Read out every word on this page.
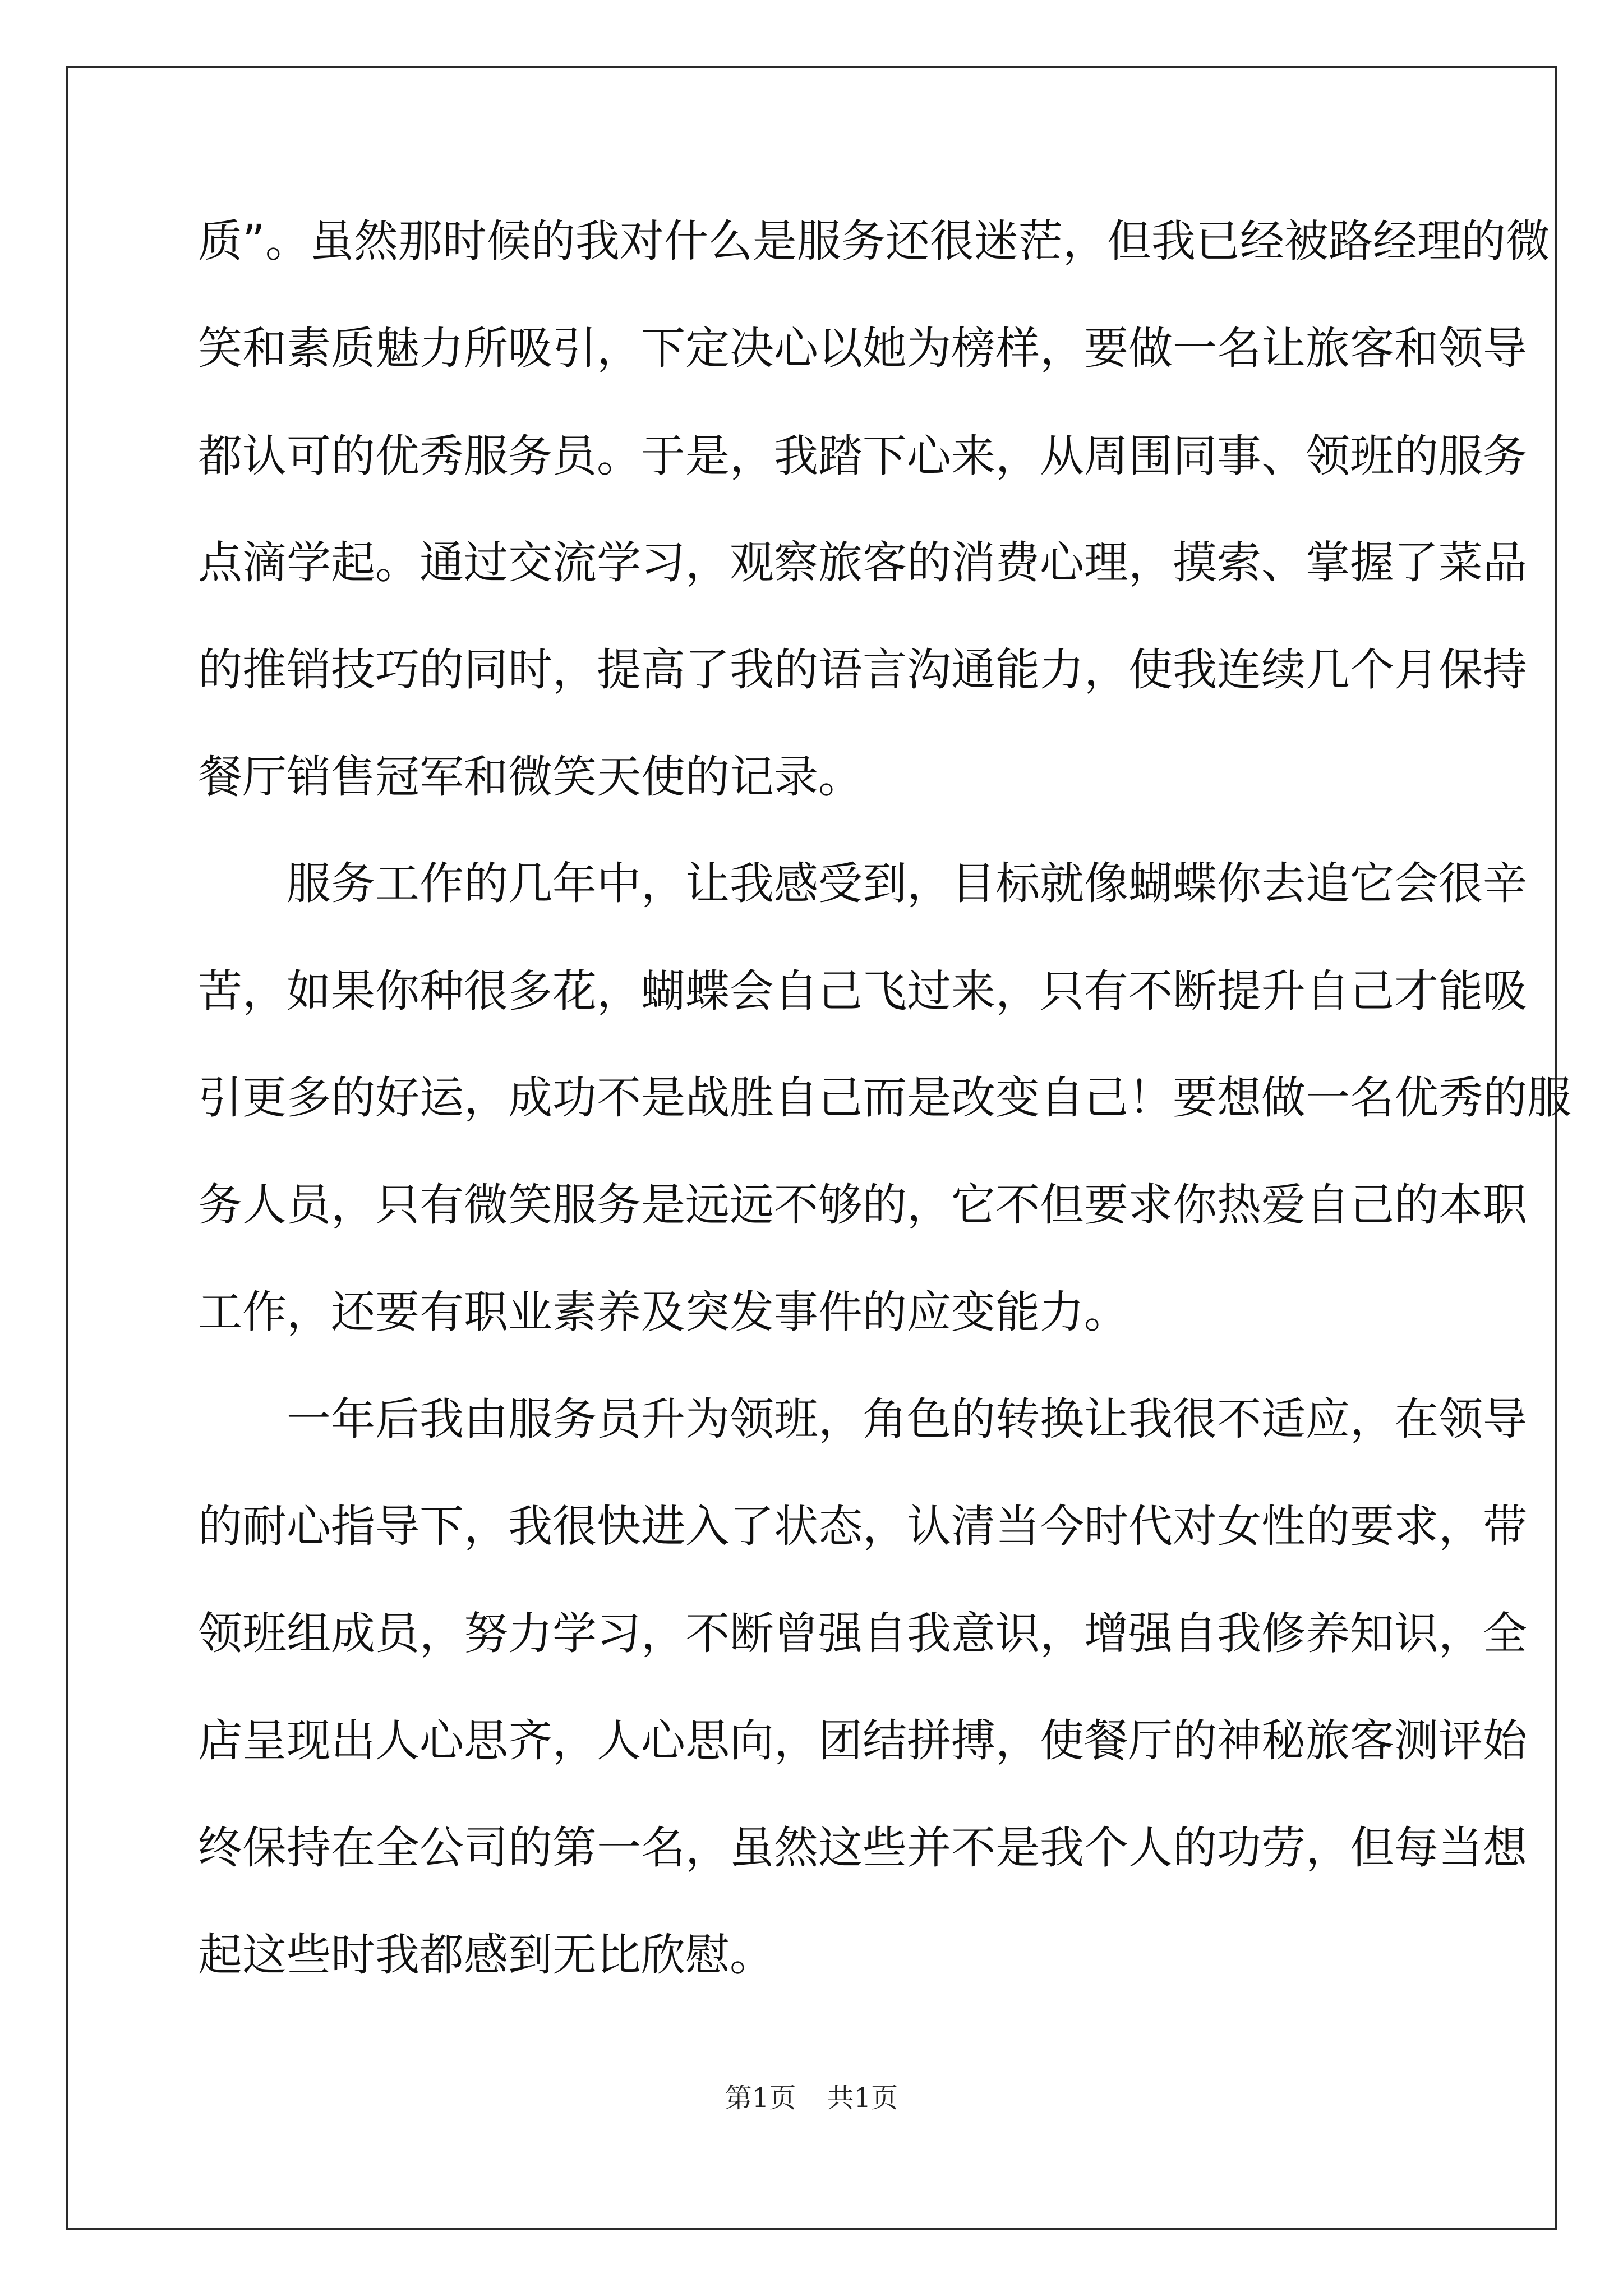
质”。虽然那时候的我对什么是服务还很迷茫，但我已经被路经理的微
笑和素质魅力所吸引，下定决心以她为榜样，要做一名让旅客和领导
都认可的优秀服务员。于是，我踏下心来，从周围同事、领班的服务
点滴学起。通过交流学习，观察旅客的消费心理，摸索、掌握了菜品
的推销技巧的同时，提高了我的语言沟通能力，使我连续几个月保持
餐厅销售冠军和微笑天使的记录。
服务工作的几年中，让我感受到，目标就像蝴蝶你去追它会很辛
苦，如果你种很多花，蝴蝶会自己飞过来，只有不断提升自己才能吸
引更多的好运，成功不是战胜自己而是改变自己！要想做一名优秀的服
务人员，只有微笑服务是远远不够的，它不但要求你热爱自己的本职
工作，还要有职业素养及突发事件的应变能力。
一年后我由服务员升为领班，角色的转换让我很不适应，在领导
的耐心指导下，我很快进入了状态，认清当今时代对女性的要求，带
领班组成员，努力学习，不断曾强自我意识，增强自我修养知识，全
店呈现出人心思齐，人心思向，团结拼搏，使餐厅的神秘旅客测评始
终保持在全公司的第一名，虽然这些并不是我个人的功劳，但每当想
起这些时我都感到无比欣慰。
第1页 共1页
